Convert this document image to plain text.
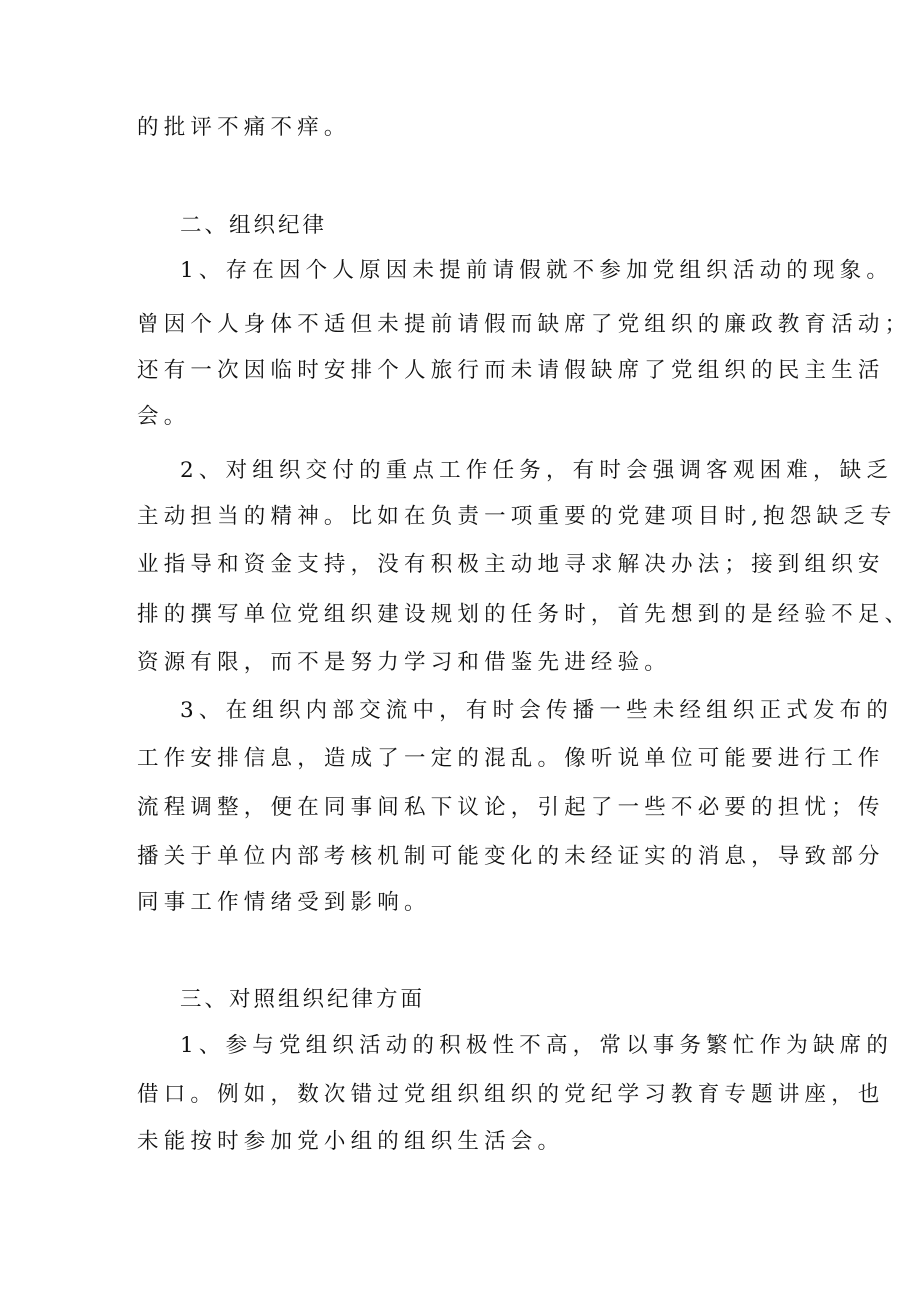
的批评不痛不痒。
二、组织纪律
1、存在因个人原因未提前请假就不参加党组织活动的现象。
曾因个人身体不适但未提前请假而缺席了党组织的廉政教育活动；
还有一次因临时安排个人旅行而未请假缺席了党组织的民主生活
会。
2、对组织交付的重点工作任务，有时会强调客观困难，缺乏
主动担当的精神。比如在负责一项重要的党建项目时,抱怨缺乏专
业指导和资金支持，没有积极主动地寻求解决办法；接到组织安
排的撰写单位党组织建设规划的任务时，首先想到的是经验不足、
资源有限，而不是努力学习和借鉴先进经验。
3、在组织内部交流中，有时会传播一些未经组织正式发布的
工作安排信息，造成了一定的混乱。像听说单位可能要进行工作
流程调整，便在同事间私下议论，引起了一些不必要的担忧；传
播关于单位内部考核机制可能变化的未经证实的消息，导致部分
同事工作情绪受到影响。
三、对照组织纪律方面
1、参与党组织活动的积极性不高，常以事务繁忙作为缺席的
借口。例如，数次错过党组织组织的党纪学习教育专题讲座，也
未能按时参加党小组的组织生活会。
